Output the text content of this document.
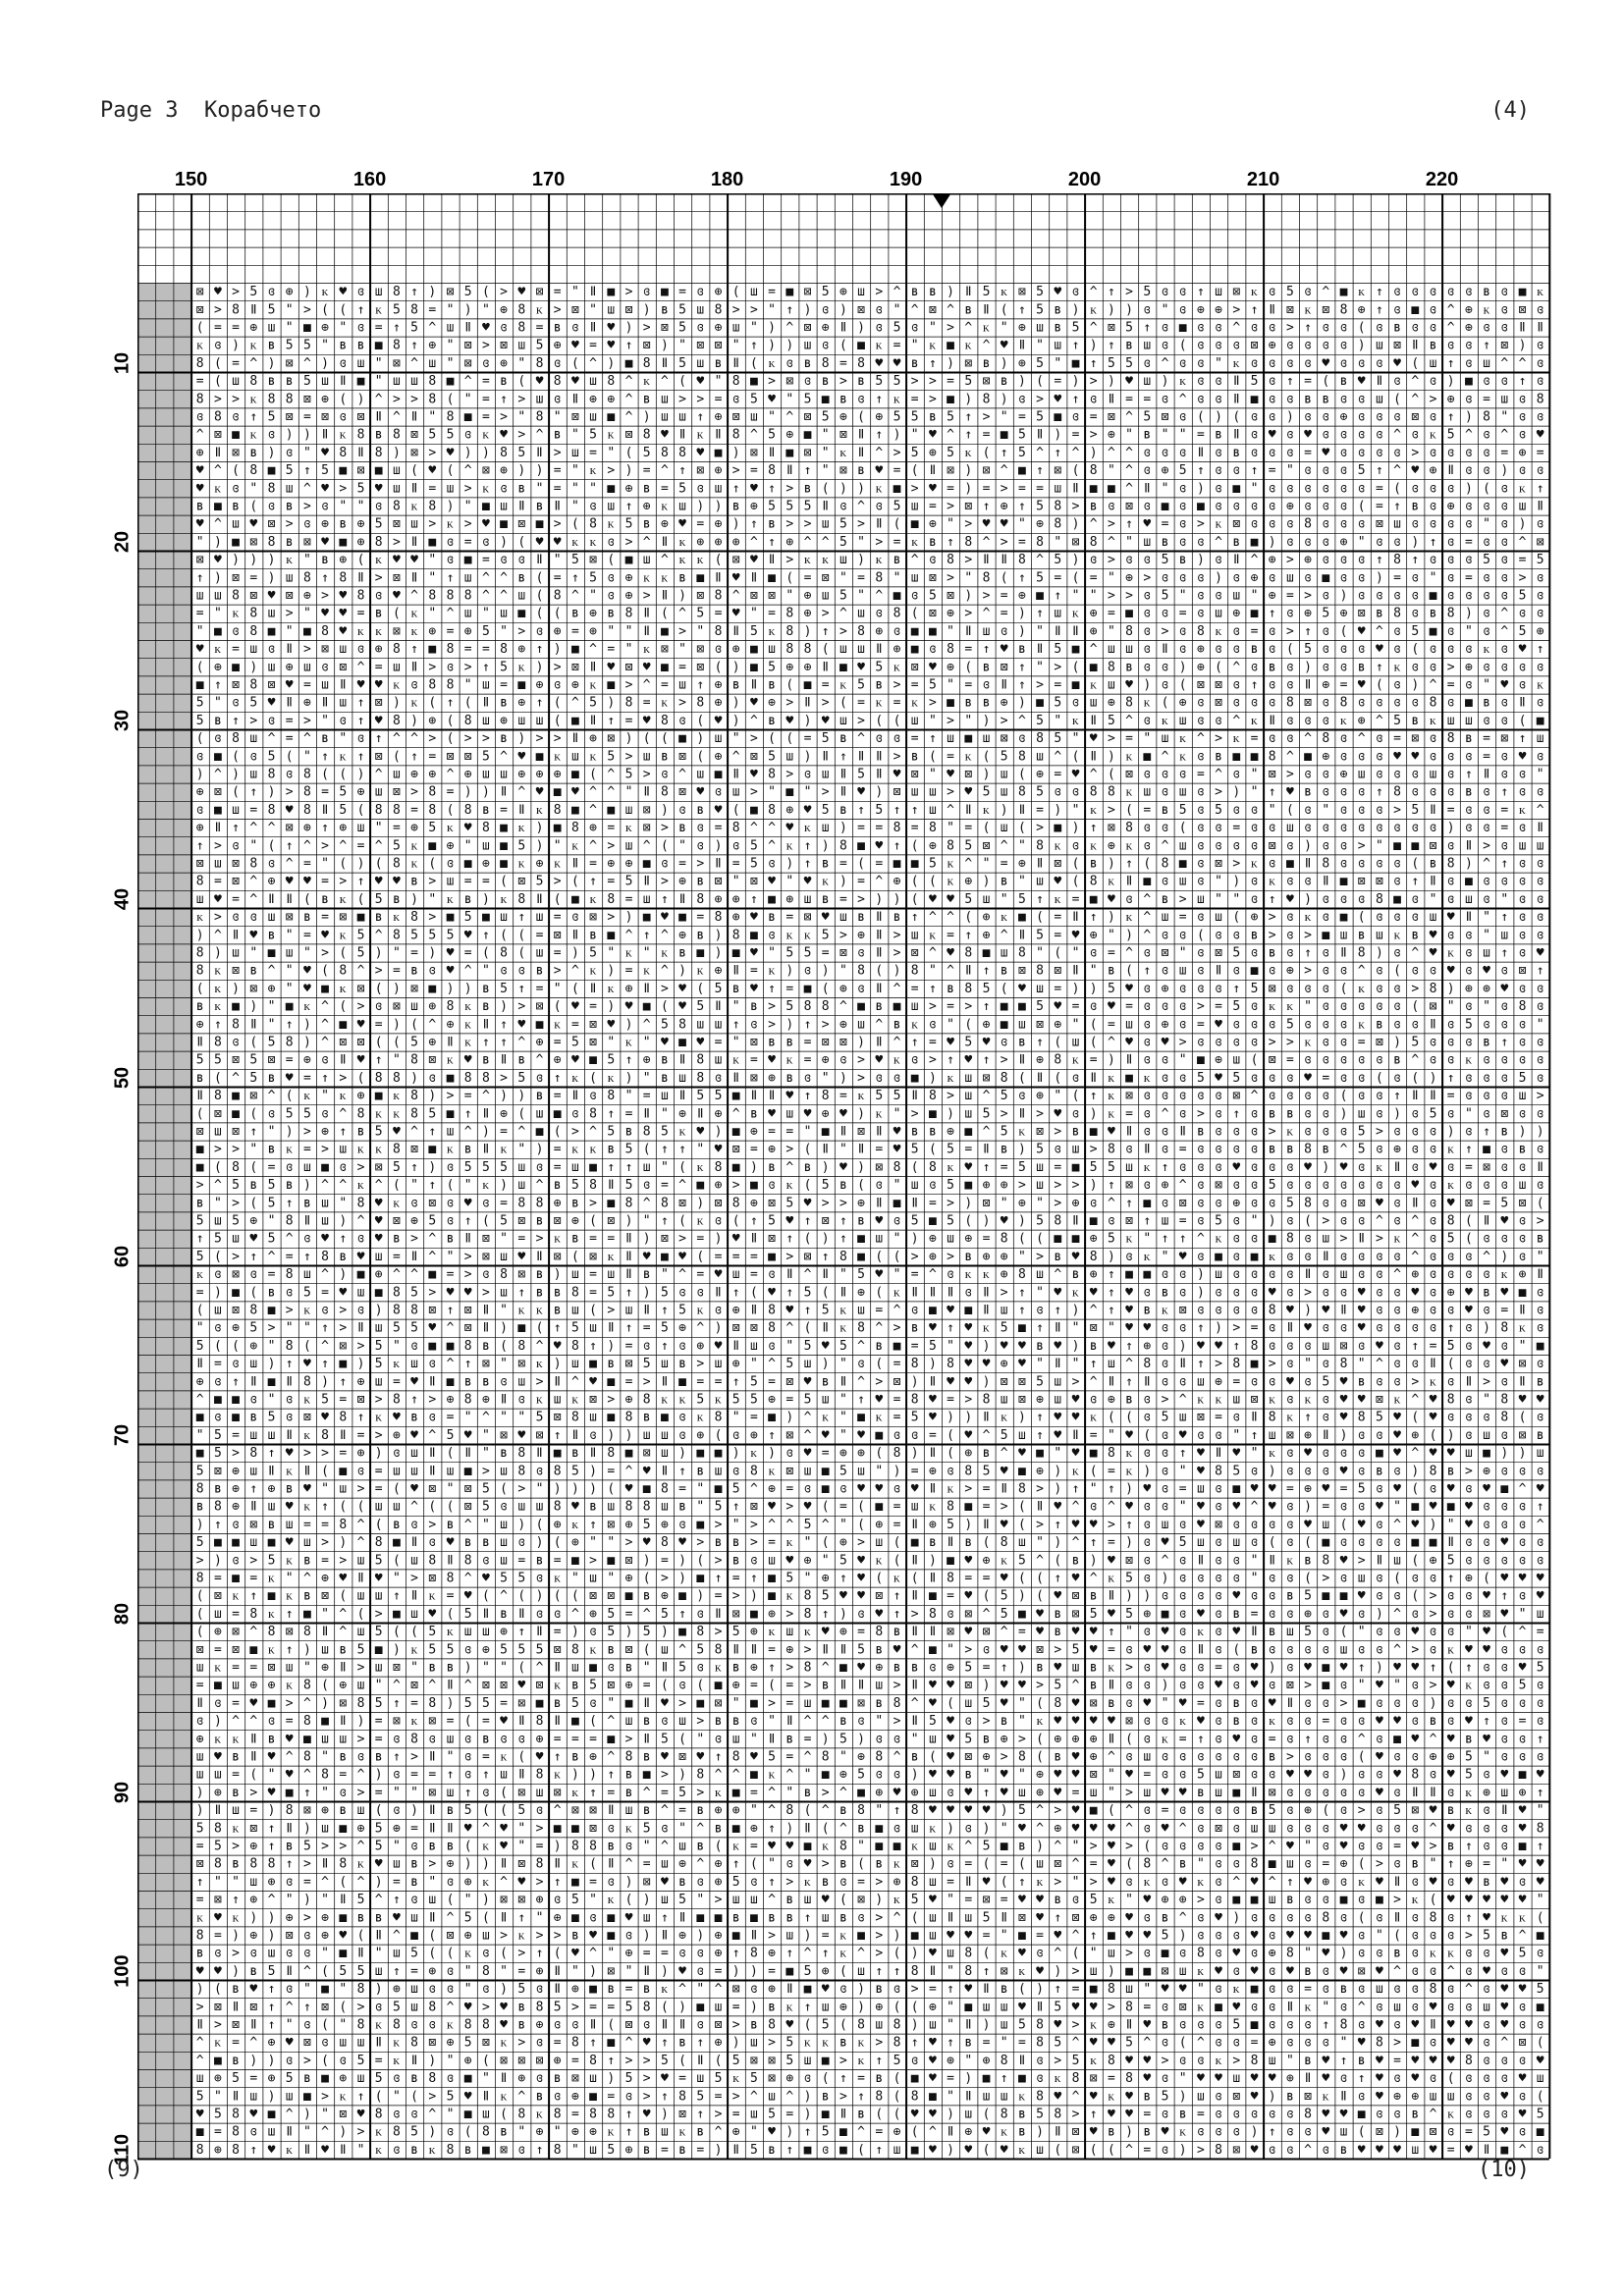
Page 3 Корабчето	(4)
150	160	170	180	190	200	210	220
10
20
30
40
50
60
70
80
90
100
110
⊠ ♥ > 5 ɞ ⊕ ) ᴋ ♥ ɞ ш 8 ↑ ) ⊠ 5 ( > ♥ ⊠ = " Ⅱ ■ > ɞ ■ = ɞ ⊕ ( ш = ■ ⊠ 5 ⊕ ш > ^ ʙ ʙ ) Ⅱ 5 ᴋ ⊠ 5 ♥ ɞ ^ ↑ > 5 ɞ ɞ ↑ ш ⊠ ᴋ ɞ 5 ɞ ^ ■ ᴋ ↑ ɞ ɞ ɞ ɞ ɞ ʙ ɞ ■ ᴋ
⊠ > 8 Ⅱ 5 " > ( ( ↑ ᴋ 5 8 = " ) " ⊕ 8 ᴋ > ⊠ " ш ⊠ ) ʙ 5 ш 8 > > " ↑ ) ɞ ) ⊠ ɞ " ^ ⊠ ^ ʙ Ⅱ ( ↑ 5 ʙ ) ᴋ ) ) ɞ " ɞ ⊕ ⊕ > ↑ Ⅱ ⊠ ᴋ ⊠ 8 ⊕ ↑ ɞ ■ ɞ ^ ⊕ ᴋ ɞ ⊠ ɞ
( = = ⊕ ш " ■ ⊕ " ɞ = ↑ 5 ^ ш Ⅱ ♥ ɞ 8 = ʙ ɞ Ⅱ ♥ ) > ⊠ 5 ɞ ⊕ ш " ) ^ ⊠ ⊕ Ⅱ ) ɞ 5 ɞ " > ^ ᴋ " ⊕ ш ʙ 5 ^ ⊠ 5 ↑ ɞ ■ ɞ ɞ ^ ɞ ɞ > ↑ ɞ ɞ ( ɞ ʙ ɞ ɞ ^ ⊕ ɞ ɞ Ⅱ Ⅱ
ᴋ ɞ ) ᴋ ʙ 5 5 " ʙ ʙ ■ 8 ↑ ⊕ " ⊠ > ⊠ ш 5 ⊕ ♥ = ♥ ↑ ⊠ ) " ⊠ ⊠ " ↑ ) ) ш ɞ ( ■ ᴋ = " ᴋ ■ ᴋ ^ ♥ Ⅱ " ш ↑ ) ↑ ʙ ш ɞ ( ɞ ɞ ɞ ⊠ ⊕ ɞ ɞ ɞ ɞ ) ш ⊠ Ⅱ ʙ ɞ ɞ ↑ ⊠ ) ɞ
8 ( = ^ ) ⊠ ^ ) ɞ ш " ⊠ ^ ш " ⊠ ɞ ⊕ " 8 ɞ ( ^ ) ■ 8 Ⅱ 5 ш ʙ Ⅱ ( ᴋ ɞ ʙ 8 = 8 ♥ ♥ ʙ ↑ ) ⊠ ʙ ) ⊕ 5 " ■ ↑ 5 5 ɞ ^ ɞ ɞ " ᴋ ɞ ɞ ɞ ɞ ♥ ɞ ɞ ɞ ♥ ( ш ↑ ɞ ш ^ ^ ɞ
= ( ш 8 ʙ ʙ 5 ш Ⅱ ■ " ш ш 8 ■ ^ = ʙ ( ♥ 8 ♥ ш 8 ^ ᴋ ^ ( ♥ " 8 ■ > ⊠ ɞ ʙ > ʙ 5 5 > > = 5 ⊠ ʙ ) ( = ) > ) ♥ ш ) ᴋ ɞ ɞ Ⅱ 5 ɞ ↑ = ( ʙ ♥ Ⅱ ɞ ^ ɞ ) ■ ɞ ɞ ↑ ɞ
8 > > ᴋ 8 8 ⊠ ⊕ ( ) ^ > > 8 ( " = ↑ > ш ɞ Ⅱ ⊕ ⊕ ^ ʙ ш > > = ɞ 5 ♥ " 5 ■ ʙ ɞ ↑ ᴋ = > ■ ) 8 ) ɞ > ♥ ↑ ɞ Ⅱ = = ɞ ^ ɞ ɞ Ⅱ ■ ɞ ɞ ʙ ʙ ɞ ɞ ш ( ^ > ⊕ ɞ = ш ɞ 8
ɞ 8 ɞ ↑ 5 ⊠ = ⊠ ɞ ⊠ Ⅱ ^ Ⅱ " 8 ■ = > " 8 " ⊠ ш ■ ^ ) ш ш ↑ ⊕ ⊠ ш " ^ ⊠ 5 ⊕ ( ⊕ 5 5 ʙ 5 ↑ > " = 5 ■ ɞ = ⊠ ^ 5 ⊠ ɞ ( ) ( ɞ ɞ ) ɞ ɞ ⊕ ɞ ɞ ɞ ⊠ ɞ ↑ ) 8 " ɞ ɞ
^ ⊠ ■ ᴋ ɞ ) ) Ⅱ ᴋ 8 ʙ 8 ⊠ 5 5 ɞ ᴋ ♥ > ^ ʙ " 5 ᴋ ⊠ 8 ♥ Ⅱ ᴋ Ⅱ 8 ^ 5 ⊕ ■ " ⊠ Ⅱ ↑ ) " ♥ ^ ↑ = ■ 5 Ⅱ ) = > ⊕ " ʙ " " = ʙ Ⅱ ɞ ♥ ɞ ♥ ɞ ɞ ɞ ɞ ^ ɞ ᴋ 5 ^ ɞ ^ ɞ ♥
⊕ Ⅱ ⊠ ʙ ) ɞ " ♥ 8 Ⅱ 8 ) ⊠ > ♥ ) ) 8 5 Ⅱ > ш = " ( 5 8 8 ♥ ■ ) ⊠ Ⅱ ■ ⊠ " ᴋ Ⅱ ^ > 5 ⊕ 5 ᴋ ( ↑ 5 ^ ↑ ^ ) ^ ^ ɞ ɞ ɞ Ⅱ ɞ ʙ ɞ ɞ ɞ = ♥ ɞ ɞ ɞ ɞ > ɞ ɞ ɞ ɞ = ⊕ =
♥ ^ ( 8 ■ 5 ↑ 5 ■ ⊠ ■ ш ( ♥ ( ^ ⊠ ⊕ ) ) = " ᴋ > ) = ^ ↑ ⊠ ⊕ > = 8 Ⅱ ↑ " ⊠ ʙ ♥ = ( Ⅱ ⊠ ) ⊠ ^ ■ ↑ ⊠ ( 8 " ^ ɞ ⊕ 5 ↑ ɞ ɞ ↑ = " ɞ ɞ ɞ 5 ↑ ^ ♥ ⊕ Ⅱ ɞ ɞ ) ɞ ɞ
♥ ᴋ ɞ " 8 ш ^ ♥ > 5 ♥ ш Ⅱ = ш > ᴋ ɞ ʙ " = " " ■ ⊕ ʙ = 5 ɞ ш ↑ ♥ ↑ > ʙ ( ) ) ᴋ ■ > ♥ = ) = > = = ш Ⅱ ■ ■ ^ Ⅱ " ɞ ) ɞ ■ " ɞ ɞ ɞ ɞ ɞ ɞ = ( ɞ ɞ ɞ ) ( ɞ ᴋ ↑
ʙ ■ ʙ ( ɞ ʙ > ɞ " " ɞ 8 ᴋ 8 ) " ■ ш Ⅱ ʙ Ⅱ " ɞ ш ↑ ⊕ ᴋ ш ) ) ʙ ⊕ 5 5 5 Ⅱ ɞ ^ ɞ 5 ш = > ⊠ ↑ ⊕ ↑ 5 8 > ʙ ɞ ⊠ ɞ ■ ɞ ■ ɞ ɞ ɞ ɞ ⊕ ɞ ɞ ɞ ( = ↑ ʙ ɞ ⊕ ɞ ɞ ɞ ш Ⅱ
♥ ^ ш ♥ ⊠ > ɞ ⊕ ʙ ⊕ 5 ⊠ ш > ᴋ > ♥ ■ ⊠ ■ > ( 8 ᴋ 5 ʙ ⊕ ♥ = ⊕ ) ↑ ʙ > > ш 5 > Ⅱ ( ■ ⊕ " > ♥ ♥ " ⊕ 8 ) ^ > ↑ ♥ = ɞ > ᴋ ⊠ ɞ ɞ ɞ 8 ɞ ɞ ɞ ⊠ ш ɞ ɞ ɞ ɞ " ɞ ) ɞ
" ) ■ ⊠ 8 ʙ ⊠ ♥ ■ ⊕ 8 > Ⅱ ■ ɞ = ɞ ) ( ♥ ♥ ᴋ ᴋ ɞ > ^ Ⅱ ᴋ ⊕ ⊕ ⊕ ^ ↑ ⊕ ^ ^ 5 " > = ᴋ ʙ ↑ 8 ^ > = 8 " ⊠ 8 ^ " ш ʙ ɞ ɞ ^ ʙ ■ ) ɞ ɞ ɞ ⊕ " ɞ ɞ ) ↑ ɞ = ɞ ɞ ^ ⊠
⊠ ♥ ) ) ) ᴋ " ʙ ⊕ ( ᴋ ♥ ♥ " ɞ ■ = ɞ ɞ Ⅱ " 5 ⊠ ( ■ ш ^ ᴋ ᴋ ( ⊠ ♥ Ⅱ > ᴋ ᴋ ш ) ᴋ ʙ ^ ɞ 8 > Ⅱ Ⅱ 8 ^ 5 ) ɞ > ɞ ɞ 5 ʙ ) ɞ Ⅱ ^ ⊕ > ⊕ ɞ ɞ ɞ ↑ 8 ↑ ɞ ɞ ɞ 5 ɞ = 5
↑ ) ⊠ = ) ш 8 ↑ 8 Ⅱ > ⊠ Ⅱ " ↑ ш ^ ^ ʙ ( = ↑ 5 ɞ ⊕ ᴋ ᴋ ʙ ■ Ⅱ ♥ Ⅱ ■ ( = ⊠ " = 8 " ш ⊠ > " 8 ( ↑ 5 = ( = " ⊕ > ɞ ɞ ɞ ) ɞ ⊕ ɞ ш ɞ ■ ɞ ɞ ) = ɞ " ɞ = ɞ ɞ > ɞ
ш ш 8 ⊠ ♥ ⊠ ⊕ > ♥ 8 ɞ ♥ ^ 8 8 8 ^ ^ ш ( 8 ^ " ɞ ⊕ > Ⅱ ) ⊠ 8 ^ ⊠ ⊠ " ⊕ ш 5 " ^ ■ ɞ 5 ⊠ ) > = ⊕ ■ ↑ " " > > ɞ 5 " ɞ ɞ ш " ⊕ = > ɞ ) ɞ ɞ ɞ ɞ ■ ɞ ɞ ɞ ɞ 5 ɞ
= " ᴋ 8 ш > " ♥ ♥ = ʙ ( ᴋ " ^ ш " ш ■ ( ( ʙ ⊕ ʙ 8 Ⅱ ( ^ 5 = ♥ " = 8 ⊕ > ^ ш ɞ 8 ( ⊠ ⊕ > ^ = ) ↑ ш ᴋ ⊕ = ■ ɞ ɞ = ɞ ш ⊕ ■ ↑ ɞ ⊕ 5 ⊕ ⊠ ʙ 8 ɞ ʙ 8 ) ɞ ^ ɞ ɞ
" ■ ɞ 8 ■ " ■ 8 ♥ ᴋ ᴋ ⊠ ᴋ ⊕ = ⊕ 5 " > ɞ ⊕ = ⊕ " " Ⅱ ■ > " 8 Ⅱ 5 ᴋ 8 ) ↑ > 8 ⊕ ɞ ■ ■ " Ⅱ ш ɞ ) " Ⅱ Ⅱ ⊕ " 8 ɞ > ɞ 8 ᴋ ɞ = ɞ > ↑ ɞ ( ♥ ^ ɞ 5 ■ ɞ " ɞ ^ 5 ⊕
♥ ᴋ = ш ɞ Ⅱ > ⊠ ш ɞ ⊕ 8 ↑ ■ 8 = = 8 ⊕ ↑ ) ■ ^ = " ᴋ ⊠ " ⊠ ɞ ⊕ ■ ш 8 8 ( ш ш Ⅱ ⊕ ■ ɞ 8 = ↑ ♥ ʙ Ⅱ 5 ■ ^ ш ш ɞ Ⅱ ɞ ⊕ ɞ ɞ ʙ ɞ ( 5 ɞ ɞ ɞ ♥ ɞ ( ɞ ɞ ɞ ᴋ ɞ ♥ ↑
( ⊕ ■ ) ш ⊕ ш ɞ ⊠ ^ = ш Ⅱ > ɞ > ↑ 5 ᴋ ) > ⊠ Ⅱ ♥ ⊠ ♥ ■ = ⊠ ( ) ■ 5 ⊕ ⊕ Ⅱ ■ ♥ 5 ᴋ ⊠ ♥ ⊕ ( ʙ ⊠ ↑ " > ( ■ 8 ʙ ɞ ɞ ) ⊕ ( ^ ɞ ʙ ɞ ) ɞ ɞ ʙ ↑ ᴋ ɞ ɞ > ⊕ ɞ ɞ ɞ ɞ
■ ↑ ⊠ 8 ⊠ ♥ = ш Ⅱ ♥ ♥ ᴋ ɞ 8 8 " ш = ■ ⊕ ɞ ⊕ ᴋ ■ > ^ = ш ↑ ⊕ ʙ Ⅱ ʙ ( ■ = ᴋ 5 ʙ > = 5 " = ɞ Ⅱ ↑ > = ■ ᴋ ш ♥ ) ɞ ( ⊠ ⊠ ɞ ↑ ɞ ɞ Ⅱ ⊕ = ♥ ( ɞ ) ^ = ɞ " ♥ ɞ ᴋ
5 " ɞ 5 ♥ Ⅱ ⊕ Ⅱ ш ↑ ⊠ ) ᴋ ( ↑ ( Ⅱ ʙ ⊕ ↑ ( ^ 5 ) 8 = ᴋ > 8 ⊕ ) ♥ ⊕ > Ⅱ > ( = ᴋ = ᴋ > ■ ʙ ʙ ⊕ ) ■ 5 ɞ ш ⊕ 8 ᴋ ( ⊕ ɞ ⊠ ɞ ɞ ɞ 8 ⊠ ɞ 8 ɞ ɞ ɞ ɞ 8 ɞ ■ ʙ ɞ Ⅱ ɞ
5 ʙ ↑ > ɞ = > " ɞ ↑ ♥ 8 ) ⊕ ( 8 ш ⊕ ш ш ( ■ Ⅱ ↑ = ♥ 8 ɞ ( ♥ ) ^ ʙ ♥ ) ♥ ш > ( ( ш " > " ) > ^ 5 " ᴋ Ⅱ 5 ^ ɞ ᴋ ш ɞ ɞ ^ ᴋ Ⅱ ɞ ɞ ɞ ᴋ ⊕ ^ 5 ʙ ᴋ ш ш ɞ ɞ ( ■
( ɞ 8 ш ^ = ^ ʙ " ɞ ↑ ^ ^ > ( > > ʙ ) > > Ⅱ ⊕ ⊠ ) ( ( ■ ) ш " > ( ( = 5 ʙ ^ ɞ ɞ = ↑ ш ■ ш ⊠ ɞ 8 5 " ♥ > = " ш ᴋ ^ > ᴋ = ɞ ɞ ^ 8 ɞ ^ ɞ = ⊠ ɞ 8 ʙ = ⊠ ↑ ш
ɞ ■ ( ɞ 5 ( " ↑ ᴋ ↑ ⊠ ( ↑ = ⊠ ⊠ 5 ^ ♥ ■ ᴋ ш ᴋ 5 > ш ʙ ⊠ ( ⊕ ^ ⊠ 5 ш ) Ⅱ ↑ Ⅱ Ⅱ > ʙ ( = ᴋ ( 5 8 ш ^ ( Ⅱ ) ᴋ ■ ^ ᴋ ɞ ʙ ■ ■ 8 ^ ■ ⊕ ɞ ɞ ɞ ♥ ♥ ɞ ɞ ɞ = ɞ ♥ ɞ
) ^ ) ш 8 ɞ 8 ( ( ) ^ ш ⊕ ⊕ ^ ⊕ ш ш ⊕ ⊕ ⊕ ■ ( ^ 5 > ɞ ^ ш ■ Ⅱ ♥ 8 > ɞ ш Ⅱ 5 Ⅱ ♥ ⊠ " ♥ ⊠ ) ш ( ⊕ = ♥ ^ ( ⊠ ɞ ɞ ɞ = ^ ɞ " ⊠ > ɞ ɞ ⊕ ш ɞ ɞ ɞ ш ɞ ↑ Ⅱ ɞ ɞ "
⊕ ⊠ ( ↑ ) > 8 = 5 ⊕ ш ⊠ > 8 = ) ) Ⅱ ^ ♥ ■ ♥ ^ ^ " Ⅱ 8 ⊠ ♥ ɞ ш > " ■ " > Ⅱ ♥ ) ⊠ ш ш > ♥ 5 ш 8 5 ɞ ɞ 8 8 ᴋ ш ɞ ш ɞ > ) " ↑ ♥ ʙ ɞ ɞ ɞ ↑ 8 ɞ ɞ ɞ ʙ ɞ ↑ ɞ ɞ
ɞ ■ ш = 8 ♥ 8 Ⅱ 5 ( 8 8 = 8 ( 8 ʙ = Ⅱ ᴋ 8 ■ ^ ■ ш ⊠ ) ɞ ʙ ♥ ( ■ 8 ⊕ ♥ 5 ʙ ↑ 5 ↑ ↑ ш ^ Ⅱ ᴋ ) Ⅱ = ) " ᴋ > ( = ʙ 5 ɞ 5 ɞ ɞ " ( ɞ " ɞ ɞ ɞ > 5 Ⅱ = ɞ ɞ = ᴋ ^
⊕ Ⅱ ↑ ^ ^ ⊠ ⊕ ↑ ⊕ ш " = ⊕ 5 ᴋ ♥ 8 ■ ᴋ ) ■ 8 ⊕ = ᴋ ⊠ > ʙ ɞ = 8 ^ ^ ♥ ᴋ ш ) = = 8 = 8 " = ( ш ( > ■ ) ↑ ⊠ 8 ɞ ɞ ( ɞ ɞ = ɞ ɞ ш ɞ ɞ ɞ ɞ ɞ ɞ ɞ ɞ ) ɞ ɞ = ɞ Ⅱ
↑ > ɞ " ( ↑ ^ > ^ = ^ 5 ᴋ ■ ⊕ " ш ■ 5 ) " ᴋ ^ > ш ^ ( " ɞ ) ɞ 5 ^ ᴋ ↑ ) 8 ■ ♥ ↑ ( ⊕ 8 5 ⊠ ^ " 8 ᴋ ɞ ᴋ ⊕ ᴋ ɞ ^ ш ɞ ɞ ɞ ɞ ⊠ ɞ ) ɞ ɞ > " ■ ■ ⊠ ɞ Ⅱ > ɞ ш ш
⊠ ш ⊠ 8 ɞ ^ = " ( ) ( 8 ᴋ ( ɞ ■ ⊕ ■ ᴋ ⊕ ᴋ Ⅱ = ⊕ ⊕ ■ ɞ = > Ⅱ = 5 ɞ ) ↑ ʙ = ( = ■ ■ 5 ᴋ ^ " = ⊕ Ⅱ ⊠ ( ʙ ) ↑ ( 8 ■ ɞ ⊠ > ᴋ ɞ ■ Ⅱ 8 ɞ ɞ ɞ ɞ ( ʙ 8 ) ^ ↑ ɞ ɞ
8 = ⊠ ^ ⊕ ♥ ♥ = > ↑ ♥ ♥ ʙ > ш = = ( ⊠ 5 > ( ↑ = 5 Ⅱ > ⊕ ʙ ⊠ " ⊠ ♥ " ♥ ᴋ ) = ^ ⊕ ( ( ᴋ ⊕ ) ʙ " ш ♥ ( 8 ᴋ Ⅱ ■ ɞ ш ɞ " ) ɞ ᴋ ɞ ɞ Ⅱ ■ ⊠ ⊠ ɞ ↑ Ⅱ ɞ ■ ɞ ɞ ɞ ɞ
ш ♥ = ^ Ⅱ Ⅱ ( ʙ ᴋ ( 5 ʙ ) " ᴋ ʙ ) ᴋ 8 Ⅱ ( ■ ᴋ 8 = ш ↑ Ⅱ 8 ⊕ ⊕ ↑ ■ ⊕ ш ʙ = > ) ) ( ♥ ♥ 5 ш " 5 ↑ ᴋ = ■ ♥ ɞ ^ ʙ > ш " " ɞ ↑ ♥ ) ɞ ɞ ɞ 8 ■ ɞ " ɞ ш ɞ " ɞ ɞ
ᴋ > ɞ ɞ ш ⊠ ʙ = ⊠ ■ ʙ ᴋ 8 > ■ 5 ■ ш ↑ ш = ɞ ⊠ > ) ■ ♥ ■ = 8 ⊕ ♥ ʙ = ⊠ ♥ ш ʙ Ⅱ ʙ ↑ ^ ^ ( ⊕ ᴋ ■ ( = Ⅱ ↑ ) ᴋ ^ ш = ɞ ш ( ⊕ > ɞ ᴋ ɞ ■ ( ɞ ɞ ɞ ш ♥ Ⅱ " ↑ ɞ ɞ
) ^ Ⅱ ♥ ʙ " = ♥ ᴋ 5 ^ 8 5 5 5 ♥ ↑ ( ( = ⊠ Ⅱ ʙ ■ ^ ↑ ^ ⊕ ʙ ) 8 ■ ɞ ᴋ ᴋ 5 > ⊕ Ⅱ > ш ᴋ = ↑ ⊕ ^ Ⅱ 5 = ♥ ⊕ " ) ^ ɞ ɞ ( ɞ ɞ ʙ > ɞ > ■ ш ʙ ш ᴋ ʙ ♥ ɞ ɞ " ш ɞ ɞ
8 ) ш " ■ ш " > ( 5 ) " = ) ♥ = ( 8 ( ш = ) 5 " ᴋ " ᴋ ʙ ■ ) ■ ♥ " 5 5 = ⊠ ɞ Ⅱ > ⊠ ^ ♥ 8 ■ ш 8 " ( " ɞ = ^ ɞ ⊠ " ɞ ⊠ 5 ɞ ʙ ɞ ↑ ɞ Ⅱ 8 ) ɞ ^ ♥ ᴋ ɞ ш ↑ ɞ ♥
8 ᴋ ⊠ ʙ ^ " ♥ ( 8 ^ > = ʙ ɞ ♥ ^ " ɞ ɞ ʙ > ^ ᴋ ) = ᴋ ^ ) ᴋ ⊕ Ⅱ = ᴋ ) ɞ ) " 8 ( ) 8 " ^ Ⅱ ↑ ʙ ⊠ 8 ⊠ Ⅱ " ʙ ( ↑ ɞ ш ɞ Ⅱ ɞ ■ ɞ ⊕ > ɞ ɞ ^ ɞ ( ɞ ɞ ♥ ɞ ♥ ɞ ⊠ ↑
( ᴋ ) ⊠ ⊕ " ♥ ■ ᴋ ⊠ ( ) ⊠ ■ ) ) ʙ 5 ↑ = " ( Ⅱ ᴋ ⊕ Ⅱ > ♥ ( 5 ʙ ♥ ↑ = ■ ( ⊕ ɞ Ⅱ ^ = ↑ ʙ 8 5 ( ♥ ш = ) ) 5 ♥ ɞ ⊕ ɞ ɞ ɞ ↑ 5 ⊠ ɞ ɞ ɞ ( ᴋ ɞ ɞ > 8 ) ⊕ ⊕ ♥ ɞ ɞ
ʙ ᴋ ■ ) " ■ ᴋ ^ ( > ɞ ⊠ ш ⊕ 8 ᴋ ʙ ) > ⊠ ( ♥ = ) ♥ ■ ( ♥ 5 Ⅱ " ʙ > 5 8 8 ^ ■ ʙ ■ ш > = > ↑ ■ ■ 5 ♥ = ɞ ♥ = ɞ ɞ ɞ > = 5 ɞ ᴋ ᴋ " ɞ ɞ ɞ ɞ ɞ ( ⊠ " ɞ " ɞ 8 ɞ
⊕ ↑ 8 Ⅱ " ↑ ) ^ ■ ♥ = ) ( ^ ⊕ ᴋ Ⅱ ↑ ♥ ■ ᴋ = ⊠ ♥ ) ^ 5 8 ш ш ↑ ɞ > ) ↑ > ⊕ ш ^ ʙ ᴋ ɞ " ( ⊕ ■ ш ⊠ ⊕ " ( = ш ɞ ⊕ ɞ = ♥ ɞ ɞ ɞ 5 ɞ ɞ ɞ ᴋ ʙ ɞ ɞ Ⅱ ɞ 5 ɞ ɞ ɞ "
Ⅱ 8 ɞ ( 5 8 ) ^ ⊠ ⊠ ( ( 5 ⊕ Ⅱ ᴋ ↑ ↑ ^ ⊕ = 5 ⊠ " ᴋ " ♥ ■ ♥ = " ⊠ ʙ ʙ = ⊠ ⊠ ) Ⅱ ^ ↑ = ♥ 5 ♥ ɞ ʙ ↑ ( ш ( ^ ♥ ɞ ♥ > ɞ ɞ ɞ ɞ > > ᴋ ɞ ɞ = ⊠ ) 5 ɞ ɞ ɞ ʙ ↑ ɞ ɞ
5 5 ⊠ 5 ⊠ = ⊕ ɞ Ⅱ ♥ ↑ " 8 ⊠ ᴋ ♥ ʙ Ⅱ ʙ ^ ⊕ ♥ ■ 5 ↑ ⊕ ʙ Ⅱ 8 ш ᴋ = ♥ ᴋ = ⊕ ɞ > ♥ ᴋ ɞ > ↑ ♥ ↑ > Ⅱ ⊕ 8 ᴋ = ) Ⅱ ɞ ɞ " ■ ⊕ ш ( ⊠ = ɞ ɞ ɞ ɞ ɞ ʙ ^ ɞ ɞ ᴋ ɞ ɞ ɞ ɞ
ʙ ( ^ 5 ʙ ♥ = ↑ > ( 8 8 ) ɞ ■ 8 8 > 5 ɞ ↑ ᴋ ( ᴋ ) " ʙ ш 8 ɞ Ⅱ ⊠ ⊕ ʙ ɞ " ) > ɞ ɞ ■ ) ᴋ ш ⊠ 8 ( Ⅱ ( ɞ Ⅱ ᴋ ■ ᴋ ɞ ɞ 5 ♥ 5 ɞ ɞ ɞ ♥ = ɞ ɞ ( ɞ ( ) ↑ ɞ ɞ ɞ 5 ɞ
Ⅱ 8 ■ ⊠ ^ ( ᴋ " ᴋ ⊕ ■ ᴋ 8 ) > = ^ ) ) ʙ = Ⅱ ɞ 8 " = ш Ⅱ 5 5 ■ Ⅱ Ⅱ ♥ ↑ 8 = ᴋ 5 5 Ⅱ 8 > ш ^ 5 ɞ ⊕ " ( ↑ ᴋ ⊠ ɞ ɞ ɞ ɞ ɞ ⊠ ^ ɞ ɞ ɞ ɞ ( ɞ ɞ ↑ Ⅱ Ⅱ = ɞ ɞ ɞ ш >
( ⊠ ■ ( ɞ 5 5 ɞ ^ 8 ᴋ ᴋ 8 5 ■ ↑ Ⅱ ⊕ ( ш ■ ɞ 8 ↑ = Ⅱ " ⊕ Ⅱ ⊕ ^ ʙ ♥ ш ♥ ⊕ ♥ ) ᴋ " > ■ ) ш 5 > Ⅱ > ♥ ɞ ) ᴋ = ɞ ^ ɞ > ɞ ↑ ɞ ʙ ʙ ɞ ɞ ) ш ɞ ) ɞ 5 ɞ " ɞ ⊠ ɞ ɞ
⊠ ш ⊠ ↑ " ) > ⊕ ↑ ʙ 5 ♥ ^ ↑ ш ^ ) = ^ ■ ( > ^ 5 ʙ 8 5 ᴋ ♥ ) ■ ⊕ = = " ■ Ⅱ ⊠ Ⅱ ♥ ʙ ʙ ⊕ ■ ^ 5 ᴋ ⊠ > ʙ ■ ♥ Ⅱ ɞ ɞ Ⅱ ʙ ɞ ɞ ɞ > ᴋ ɞ ɞ ɞ 5 > ɞ ɞ ɞ ) ɞ ↑ ʙ ) )
■ > > " ʙ ᴋ = > ш ᴋ ᴋ 8 ⊠ ■ ᴋ ʙ Ⅱ ᴋ " ) = ᴋ ᴋ ʙ 5 ( ↑ ↑ " ♥ ⊠ = ⊕ > ( Ⅱ " Ⅱ = ♥ 5 ( 5 = Ⅱ ʙ ) 5 ɞ ш > 8 ɞ Ⅱ ɞ = ɞ ɞ ɞ ɞ ʙ ʙ 8 ʙ ^ 5 ɞ ⊕ ɞ ɞ ᴋ ↑ ■ ɞ ʙ ɞ
■ ( 8 ( = ɞ ш ■ ɞ > ⊠ 5 ↑ ) ɞ 5 5 5 ш ɞ = ш ■ ↑ ↑ ш " ( ᴋ 8 ■ ) ʙ ^ ʙ ) ♥ ) ⊠ 8 ( 8 ᴋ ♥ ↑ = 5 ш = ■ 5 5 ш ᴋ ↑ ɞ ɞ ɞ ♥ ɞ ɞ ɞ ♥ ) ♥ ɞ ᴋ Ⅱ ɞ ♥ ɞ = ⊠ ɞ ɞ Ⅱ
> ^ 5 ʙ 5 ʙ ) ^ ^ ᴋ ^ ( " ↑ ( " ᴋ ) ш ^ ʙ 5 8 Ⅱ 5 ɞ = ^ ■ ⊕ > ■ ɞ ᴋ ( 5 ʙ ( ɞ " ш ɞ 5 ■ ⊕ ⊕ > ш > > ) ↑ ⊠ ɞ ⊕ ^ ɞ ⊠ ɞ ɞ 5 ɞ ɞ ɞ ɞ ɞ ɞ ɞ ♥ ɞ ᴋ ɞ ɞ ɞ ш ɞ
ʙ " > ( 5 ↑ ʙ ш " 8 ♥ ᴋ ɞ ⊠ ɞ ♥ ɞ = 8 8 ⊕ ʙ > ■ 8 ^ 8 ⊠ ) ⊠ 8 ⊕ ⊠ 5 ♥ > > ⊕ Ⅱ ■ Ⅱ = > ) ⊠ " ⊕ " > ⊕ ɞ ^ ↑ ■ ɞ ⊠ ɞ ɞ ⊕ ɞ ɞ 5 8 ɞ ɞ ⊠ ♥ ɞ Ⅱ ɞ ♥ ⊠ = 5 ⊠ (
5 ш 5 ⊕ " 8 Ⅱ ш ) ^ ♥ ⊠ ⊕ 5 ɞ ↑ ( 5 ⊠ ʙ ⊠ ⊕ ( ⊠ ) " ↑ ( ᴋ ɞ ( ↑ 5 ♥ ↑ ⊠ ↑ ʙ ♥ ɞ 5 ■ 5 ( ) ♥ ) 5 8 Ⅱ ■ ɞ ⊠ ↑ ш = ɞ 5 ɞ " ) ɞ ( > ɞ ɞ ^ ɞ ^ ɞ 8 ( Ⅱ ♥ ɞ >
↑ 5 ш ♥ 5 ^ ɞ ♥ ↑ ɞ ♥ ʙ > ^ ʙ Ⅱ ⊠ " = > ᴋ ʙ = = Ⅱ ) ⊠ > = ) ♥ Ⅱ ⊠ ↑ ( ) ↑ ■ ш " ) ⊕ ш ⊕ = 8 ( ( ■ ■ ⊕ 5 ᴋ " ↑ ↑ ^ ᴋ ɞ ɞ ■ 8 ɞ ш > Ⅱ > ᴋ ^ ɞ 5 ( ɞ ɞ ɞ ʙ
5 ( > ↑ ^ = ↑ 8 ʙ ♥ ш = Ⅱ ^ " > ⊠ ш ♥ Ⅱ ⊠ ( ⊠ ᴋ Ⅱ ♥ ■ ♥ ( = = = ■ > ⊠ ↑ 8 ■ ( ( > ⊕ > ʙ ⊕ ⊕ " > ʙ ♥ 8 ) ɞ ᴋ " ♥ ɞ ■ ɞ ■ ᴋ ɞ ɞ Ⅱ ɞ ɞ ɞ ɞ ^ ɞ ɞ ɞ ^ ) ɞ "
ᴋ ɞ ⊠ ɞ = 8 ш ^ ) ■ ⊕ ^ ^ ■ = > ɞ 8 ⊠ ʙ ) ш = ш Ⅱ ʙ " ^ = ♥ ш = ɞ Ⅱ ^ Ⅱ " 5 ♥ " = ^ ɞ ᴋ ᴋ ⊕ 8 ш ^ ʙ ⊕ ↑ ■ ■ ɞ ɞ ) ш ɞ ɞ ɞ ɞ Ⅱ ɞ ш ɞ ɞ ^ ⊕ ɞ ɞ ɞ ɞ ᴋ ⊕ Ⅱ
= ) ■ ( ʙ ɞ 5 = ♥ ш ■ 8 5 > ♥ ♥ > ш ↑ ʙ ʙ 8 = 5 ↑ ) 5 ɞ ɞ Ⅱ ↑ ( ♥ ↑ 5 ( Ⅱ ⊕ ( ᴋ Ⅱ Ⅱ Ⅱ ɞ Ⅱ > ↑ " ♥ ᴋ ♥ ↑ ♥ ɞ ʙ ɞ ) ɞ ɞ ɞ ♥ ɞ > ɞ ɞ ♥ ɞ ɞ ♥ ɞ ⊕ ♥ ʙ ♥ ■ ɞ
( ш ⊠ 8 ■ > ᴋ ɞ > ɞ ) 8 8 ⊠ ↑ ⊠ Ⅱ " ᴋ ᴋ ʙ ш ( > ш Ⅱ ↑ 5 ᴋ ɞ ⊕ Ⅱ 8 ♥ ↑ 5 ᴋ ш = ^ ɞ ■ ♥ ■ Ⅱ ш ↑ ɞ ↑ ) ^ ↑ ♥ ʙ ᴋ ⊠ ɞ ɞ ɞ ɞ 8 ♥ ) ♥ Ⅱ ♥ ɞ ɞ ⊕ ɞ ɞ ♥ ɞ = Ⅱ ɞ
" ɞ ⊕ 5 > " " ↑ > Ⅱ ш 5 5 ♥ ^ ⊠ Ⅱ ) ■ ( ↑ 5 ш Ⅱ ↑ = 5 ⊕ ^ ) ⊠ ⊠ 8 ^ ( Ⅱ ᴋ 8 ^ > ʙ ♥ ↑ ♥ ᴋ 5 ■ ↑ Ⅱ " ⊠ " ♥ ♥ ɞ ɞ ↑ ) > = ɞ Ⅱ ♥ ɞ ɞ ♥ ɞ ɞ ɞ ɞ ↑ ɞ ) 8 ᴋ ɞ
5 ( ( ⊕ " 8 ( ^ ⊠ > 5 " ɞ ■ ■ 8 ʙ ( 8 ^ ♥ 8 ↑ ) = ɞ ↑ ɞ ⊕ ♥ Ⅱ ш ɞ " 5 ♥ 5 ^ ʙ ■ = 5 " ♥ ) ♥ ♥ ʙ ♥ ) ʙ ♥ ↑ ⊕ ɞ ) ♥ ♥ ↑ 8 ɞ ɞ ɞ ш ⊠ ɞ ♥ ɞ ↑ = 5 ɞ ♥ ɞ " ■
Ⅱ = ɞ ш ) ↑ ♥ ↑ ■ ) 5 ᴋ ш ɞ ^ ↑ ⊠ " ⊠ ᴋ ) ш ■ ʙ ⊠ 5 ш ʙ > ш ⊕ " ^ 5 ш ) " ɞ ( = 8 ) 8 ♥ ♥ ⊕ ♥ " Ⅱ " ↑ ш ^ 8 ɞ Ⅱ ↑ > 8 ■ > ɞ " ɞ 8 " ^ ɞ ɞ Ⅱ ( ɞ ɞ ♥ ⊠ ɞ
⊕ ɞ ↑ Ⅱ ■ Ⅱ 8 ) ↑ ⊕ ш = ♥ Ⅱ ■ ʙ ʙ ɞ ш > Ⅱ ^ ♥ ■ = > Ⅱ ■ = = ↑ 5 = ⊠ ♥ ʙ Ⅱ ^ > ⊠ ) Ⅱ ♥ ♥ ) ⊠ ⊠ 5 ш > ^ Ⅱ ↑ Ⅱ ɞ ɞ ш ⊕ = ɞ ɞ ♥ ɞ 5 ♥ ʙ ɞ ɞ > ᴋ ɞ Ⅱ > ɞ Ⅱ ʙ
^ ■ ■ ɞ " ɞ ᴋ 5 = ⊠ > 8 ↑ > ⊕ 8 ⊕ Ⅱ ɞ ᴋ ш ᴋ ⊠ > ⊕ 8 ᴋ ᴋ 5 ᴋ 5 5 ⊕ = 5 ш " ↑ ♥ = 8 ♥ = > 8 ш ⊠ ⊕ ш ♥ ɞ ⊕ ʙ ɞ > ^ ᴋ ᴋ ш ⊠ ᴋ ɞ ᴋ ɞ ♥ ♥ ⊠ ᴋ ^ ♥ 8 ɞ " 8 ♥ ♥
■ ɞ ■ ʙ 5 ɞ ⊠ ♥ 8 ↑ ᴋ ♥ ʙ ɞ = " ^ " " 5 ⊠ 8 ш ■ 8 ʙ ■ ɞ ᴋ 8 " = ■ ) ^ ᴋ " ■ ᴋ = 5 ♥ ) ) Ⅱ ᴋ ) ↑ ♥ ♥ ᴋ ( ( ɞ 5 ш ⊠ = ɞ Ⅱ 8 ᴋ ↑ ɞ ♥ 8 5 ♥ ( ♥ ɞ ɞ ɞ 8 ( ɞ
" 5 = ш ш Ⅱ ᴋ 8 Ⅱ = > ⊕ ♥ ^ 5 ♥ " ⊠ ♥ ⊠ ↑ Ⅱ ɞ ) ) ш ш ɞ ⊕ ( ɞ ⊕ ↑ ⊠ ^ ♥ " ♥ ■ ɞ ɞ = ( ♥ ^ 5 ш ↑ ♥ Ⅱ = " ♥ ( ɞ ♥ ɞ ɞ " ↑ ш ⊠ ⊕ Ⅱ ) ɞ ɞ ♥ ⊕ ( ) ɞ ш ɞ ⊠ ʙ
■ 5 > 8 ↑ ♥ > > = ⊕ ) ɞ ш Ⅱ ( Ⅱ " ʙ 8 Ⅱ ■ ʙ Ⅱ 8 ■ ⊠ ш ) ■ ■ ) ᴋ ) ɞ ♥ = ⊕ ⊕ ( 8 ) Ⅱ ( ⊕ ʙ ^ ♥ ■ " ♥ ■ 8 ᴋ ɞ ɞ ↑ ♥ Ⅱ ♥ " ᴋ ɞ ♥ ɞ ɞ ɞ ■ ♥ ^ ♥ ♥ ш ■ ) ) ш
5 ⊠ ⊕ ш Ⅱ ᴋ Ⅱ ( ■ ɞ = ш ш Ⅱ ш ■ > ш 8 ɞ 8 5 ) = ^ ♥ Ⅱ ↑ ʙ ш ɞ 8 ᴋ ⊠ ш ■ 5 ш " ) = ⊕ ɞ 8 5 ♥ ■ ⊕ ) ᴋ ( = ᴋ ) ɞ " ♥ 8 5 ɞ ) ɞ ɞ ɞ ♥ ɞ ʙ ɞ ) 8 ʙ > ⊕ ɞ ɞ ɞ
8 ʙ ⊕ ↑ ⊕ ʙ ♥ " ш > = ( ♥ ⊠ " ⊠ 5 ( > " ) ) ) ( ♥ ■ 8 = " ■ 5 ^ ⊕ = ɞ ■ ɞ ♥ ♥ ɞ ♥ Ⅱ ᴋ > = Ⅱ 8 > ) ↑ " ↑ ) ♥ ɞ = ш ɞ ■ ♥ ♥ = ⊕ ♥ = 5 ɞ ♥ ( ɞ ♥ ɞ ♥ ■ ^ ♥
ʙ 8 ⊕ Ⅱ ш ♥ ᴋ ↑ ( ( ш ш ^ ( ( ⊠ 5 ɞ ш ш 8 ♥ ʙ ш 8 8 ш ʙ " 5 ↑ ⊠ ♥ > ♥ ( = ( ■ = ш ᴋ 8 ■ = > ( Ⅱ ♥ ^ ɞ ^ ♥ ɞ ɞ " ♥ ɞ ♥ ^ ♥ ɞ ) = ɞ ɞ ♥ " ■ ♥ ■ ♥ ɞ ɞ ɞ ↑
) ↑ ɞ ⊠ ʙ ш = = 8 ^ ( ʙ ɞ > ʙ ^ " ш ) ( ⊕ ᴋ ↑ ⊠ ⊕ 5 ⊕ ɞ ■ > " > ^ ^ 5 ^ " ( ⊕ = Ⅱ ⊕ 5 ) Ⅱ ♥ ( > ↑ ♥ ♥ > ↑ ɞ ш ɞ ♥ ⊠ ɞ ɞ ɞ ɞ ♥ ш ( ♥ ɞ ^ ♥ ) " ♥ ɞ ɞ ɞ ^
5 ■ ■ ш ■ ♥ ш > ) ^ 8 ■ Ⅱ ɞ ♥ ʙ ʙ ш ɞ ) ( ⊕ " " > ♥ 8 ♥ > ʙ ʙ > = ᴋ " ( ⊕ > ш ( ■ ʙ Ⅱ ʙ ( 8 ш " ) ^ ↑ = ) ɞ ♥ 5 ш ɞ ш ɞ ( ɞ ( ■ ɞ ɞ ɞ ɞ ■ ■ Ⅱ ɞ ɞ ♥ ɞ ɞ
> ) ɞ > 5 ᴋ ʙ = > ш 5 ( ш 8 Ⅱ 8 ɞ ш = ʙ = ■ > ■ ⊠ ) = ) ( > ʙ ɞ ш ♥ ⊕ " 5 ♥ ᴋ ( Ⅱ ) ■ ♥ ⊕ ᴋ 5 ^ ( ʙ ) ♥ ⊠ ɞ ^ ɞ Ⅱ ɞ ɞ " Ⅱ ᴋ ʙ 8 ♥ > Ⅱ ш ( ⊕ 5 ɞ ɞ ɞ ɞ ɞ
8 = ■ = ᴋ " ^ ⊕ ♥ Ⅱ ♥ " > ⊠ 8 ^ ♥ 5 5 ɞ ᴋ " ш " ⊕ ( > ) ■ ↑ = ↑ ■ 5 " ⊕ ↑ ♥ ( ᴋ ( Ⅱ 8 = = ♥ ( ( ↑ ♥ ^ ᴋ 5 ɞ ) ɞ ɞ ɞ ɞ " ɞ ɞ ( > ɞ ш ɞ ( ɞ ɞ ↑ ⊕ ( ♥ ♥ ♥
( ⊠ ᴋ ↑ ■ ᴋ ʙ ⊠ ( ш ш ↑ Ⅱ ᴋ = ♥ ( ^ ( ) ( ( ⊠ ⊠ ■ ʙ ⊕ ■ ) = > ) ■ ᴋ 8 5 ♥ ♥ ⊠ ↑ Ⅱ ■ = ♥ ( 5 ) ( ♥ ⊠ ʙ Ⅱ ) ) ɞ ɞ ɞ ɞ ♥ ɞ ɞ ʙ 5 ■ ■ ♥ ɞ ɞ ( > ɞ ɞ ♥ ↑ ɞ ♥
( ш = 8 ᴋ ↑ ■ " ^ ( > ■ ш ♥ ( 5 Ⅱ ʙ Ⅱ ɞ ɞ ^ ⊕ 5 = ^ 5 ↑ ɞ Ⅱ ⊠ ■ ⊕ > 8 ↑ ) ɞ ♥ ↑ > 8 ɞ ⊠ ^ 5 ■ ♥ ʙ ⊠ 5 ♥ 5 ⊕ ■ ɞ ♥ ɞ ʙ = ɞ ɞ ⊕ ɞ ♥ ɞ ) ^ ɞ > ɞ ɞ ⊠ ♥ " ш
( ⊕ ⊠ ^ 8 ⊠ 8 Ⅱ ^ ш 5 ( ( 5 ᴋ ш ш ⊕ ↑ Ⅱ = ) ɞ 5 ) 5 ) ■ 8 > 5 ⊕ ᴋ ш ᴋ ♥ ⊕ = 8 ʙ Ⅱ Ⅱ ⊠ ♥ ⊠ ^ = ♥ ʙ ♥ ♥ ↑ " ɞ ♥ ɞ ᴋ ɞ ♥ Ⅱ ʙ ш 5 ɞ ( " ɞ ɞ ♥ ɞ ɞ " ♥ ( ^ =
⊠ = ⊠ ■ ᴋ ↑ ) ш ʙ 5 ■ ) ᴋ 5 5 ɞ ⊕ 5 5 5 ⊠ 8 ᴋ ʙ ⊠ ( ш ^ 5 8 Ⅱ Ⅱ = ⊕ > Ⅱ Ⅱ 5 ʙ ♥ ^ ■ " > ɞ ♥ ♥ ⊠ > 5 ♥ = ɞ ♥ ♥ ɞ Ⅱ ɞ ( ʙ ɞ ɞ ɞ ɞ ш ɞ ɞ ^ > ɞ ᴋ ♥ ♥ ɞ ɞ ɞ
ш ᴋ = = ⊠ ш " ⊕ Ⅱ > ш ⊠ " ʙ ʙ ) " " ( ^ Ⅱ ш ■ ɞ ʙ " Ⅱ 5 ɞ ᴋ ʙ ⊕ ↑ > 8 ^ ■ ♥ ⊕ ʙ ʙ ɞ ⊕ 5 = ↑ ) ʙ ♥ ш ʙ ᴋ > ɞ ♥ ɞ ɞ = ɞ ♥ ) ɞ ♥ ■ ♥ ↑ ) ♥ ♥ ↑ ( ↑ ɞ ɞ ♥ 5
= ■ ш ⊕ ⊕ ᴋ 8 ( ⊕ ш " ^ ⊠ ^ Ⅱ ^ ⊠ ⊠ ♥ ⊠ ᴋ ʙ 5 ⊠ ⊕ = ( ɞ ( ■ ⊕ = ( = > ʙ Ⅱ Ⅱ ш > Ⅱ ♥ ♥ ⊠ ) ♥ ♥ > 5 ^ ʙ Ⅱ ɞ ɞ ) ɞ ɞ ♥ ɞ ♥ ɞ ⊠ > ■ ɞ " ♥ " ɞ > ♥ ᴋ ɞ ɞ 5 ɞ
Ⅱ ɞ = ♥ ■ > ^ ) ⊠ 8 5 ↑ = 8 ) 5 5 = ⊠ ■ ʙ 5 ɞ " ■ Ⅱ ♥ > ■ ⊠ " ■ > = ш ■ ■ ⊠ ʙ 8 ^ ♥ ( ш 5 ♥ " ( 8 ♥ ⊠ ʙ ɞ ♥ " ♥ = ɞ ʙ ɞ ♥ Ⅱ ɞ ɞ > ■ ɞ ɞ ɞ ) ɞ ɞ 5 ɞ ɞ ɞ
ɞ ) ^ ^ ɞ = 8 ■ Ⅱ ) = ⊠ ᴋ ⊠ = ( = ♥ Ⅱ 8 Ⅱ ■ ( ^ ш ʙ ɞ ш > ʙ ʙ ɞ " Ⅱ ^ ^ ʙ ɞ " > Ⅱ 5 ♥ ɞ > ʙ " ᴋ ♥ ♥ ♥ ♥ ⊠ ɞ ɞ ᴋ ♥ ɞ ʙ ɞ ᴋ ɞ ɞ = ɞ ɞ ♥ ♥ ɞ ʙ ɞ ♥ ↑ ɞ = ɞ
⊕ ᴋ ᴋ Ⅱ ʙ ♥ ■ ш ш > = ɞ 8 ɞ ш ɞ ʙ ɞ ɞ ⊕ = = = ■ > Ⅱ 5 ( " ɞ ш " Ⅱ ʙ = ) 5 ) ɞ ɞ " ш ♥ 5 ʙ ⊕ > ( ⊕ ⊕ ⊕ Ⅱ ( ɞ ᴋ = ↑ ɞ ♥ ɞ = ɞ ↑ ɞ ɞ ^ ɞ ■ ♥ ^ ♥ ʙ ♥ ɞ ɞ ↑
ш ♥ ʙ Ⅱ ♥ ^ 8 " ʙ ɞ ʙ ↑ > Ⅱ " ɞ = ᴋ ( ♥ ↑ ʙ ⊕ ^ 8 ʙ ♥ ⊠ ♥ ↑ 8 ♥ 5 = ^ 8 " ⊕ 8 ^ ʙ ( ♥ ⊠ ⊕ > 8 ( ʙ ♥ ⊕ ^ ɞ ш ɞ ɞ ɞ ɞ ɞ ɞ ʙ > ɞ ɞ ɞ ( ♥ ɞ ɞ ⊕ ⊕ 5 " ɞ ɞ ɞ
ш ш = ( " ♥ ^ 8 = ^ ) ɞ = = ↑ ɞ ↑ ш Ⅱ 8 ᴋ ) ) ↑ ʙ ■ > ) 8 ^ ^ ■ ᴋ ^ " ■ ⊕ 5 ɞ ɞ ) ♥ ♥ ʙ " ♥ " ⊕ ♥ ♥ ⊠ " ♥ = ɞ ɞ 5 ш ⊠ ɞ ɞ ♥ ♥ ɞ ) ɞ ɞ ♥ 8 ɞ ♥ 5 ɞ ♥ ■ ♥
) ⊕ ʙ > ♥ ■ ↑ " ɞ > = " " ⊠ ш ↑ ɞ ( ⊠ ш ⊠ ᴋ ↑ = ʙ ^ = 5 > ᴋ ■ = ^ " ʙ > ^ ■ ⊕ ♥ ⊕ ш ɞ ♥ ↑ ♥ ш ⊕ ♥ = ш " > ш ♥ ♥ ʙ ш ■ Ⅱ ⊠ ɞ ɞ ɞ ɞ ɞ ♥ ɞ Ⅱ Ⅱ ɞ ᴋ ⊕ ш ⊕ ↑
) Ⅱ ш = ) 8 ⊠ ⊕ ʙ ш ( ɞ ) Ⅱ ʙ 5 ( ( 5 ɞ ^ ⊠ ⊠ Ⅱ ш ʙ ^ = ʙ ⊕ ⊕ " ^ 8 ( ^ ʙ 8 " ↑ 8 ♥ ♥ ♥ ♥ ) 5 ^ > ♥ ■ ( ^ ɞ = ɞ ɞ ɞ ɞ ʙ 5 ɞ ⊕ ( ɞ > ɞ 5 ⊠ ♥ ʙ ᴋ ɞ Ⅱ ♥ "
5 8 ᴋ ⊠ ↑ Ⅱ ) ш ■ ⊕ 5 ⊕ = Ⅱ Ⅱ ♥ ^ ♥ " > ■ ■ ⊠ ɞ ᴋ 5 ɞ " ^ ʙ ■ ⊕ ↑ ) Ⅱ ( ^ ʙ ■ ɞ ш ᴋ ) ɞ ) " ♥ ^ ⊕ ♥ ♥ ♥ ^ ɞ ♥ ^ ɞ ⊠ ɞ ш ш ɞ ɞ ɞ ♥ ♥ ɞ ɞ ɞ ^ ♥ ɞ ɞ ɞ ♥ 8
= 5 > ⊕ ↑ ʙ 5 > > ^ 5 " ɞ ʙ ʙ ( ᴋ ♥ " = ) 8 8 ʙ ɞ " ^ ш ʙ ( ᴋ = ♥ ♥ ■ ᴋ 8 " ■ ■ ᴋ ш ᴋ ^ 5 ■ ʙ ) ^ " > ♥ > ( ɞ ɞ ɞ ɞ ■ > ^ ♥ " ɞ ♥ ɞ ɞ = ♥ > ʙ ↑ ɞ ɞ ■ ↑
⊠ 8 ʙ 8 8 ↑ > Ⅱ 8 ᴋ ♥ ш ʙ > ⊕ ) ) Ⅱ ⊠ 8 Ⅱ ᴋ ( Ⅱ ^ = ш ⊕ ^ ⊕ ↑ ( " ɞ ♥ > ʙ ( ʙ ᴋ ⊠ ) ɞ = ( = ( ш ⊠ ^ = ♥ ( 8 ^ ʙ " ɞ ɞ 8 ■ ш ɞ = ⊕ ( > ɞ ʙ " ↑ ⊕ = " ♥ ♥
↑ " " ш ⊕ ɞ = ^ ( ^ ) = ʙ " ɞ ⊕ ᴋ ^ ♥ > ↑ ■ = ɞ ) ⊠ ♥ ʙ ɞ ⊕ 5 ɞ ↑ > ᴋ ʙ ɞ = > ⊕ 8 ш = Ⅱ ♥ ( ↑ ᴋ > " > ♥ ɞ ᴋ ɞ ♥ ᴋ ɞ ^ ♥ ^ ↑ ♥ ⊕ ɞ ᴋ ♥ Ⅱ ɞ ♥ ɞ ♥ ʙ ♥ ɞ ♥
= ⊠ ↑ ⊕ ^ " ) " Ⅱ 5 ^ ↑ ɞ ш ( " ) ⊠ ⊠ ⊕ ɞ 5 " ᴋ ( ) ш 5 " > ш ш ^ ʙ ш ♥ ( ⊠ ) ᴋ 5 ♥ " = ⊠ = ♥ ♥ ʙ ɞ 5 ᴋ " ♥ ⊕ ⊕ > ɞ ■ ■ ш ʙ ɞ ɞ ■ ɞ ■ > ᴋ ( ♥ ♥ ♥ ♥ ♥ "
ᴋ ♥ ᴋ ) ) ⊕ > ⊕ ■ ʙ ʙ ♥ ш Ⅱ ^ 5 ( Ⅱ ↑ " ⊕ ■ ɞ ■ ♥ ш ↑ Ⅱ ■ ■ ʙ ■ ʙ ʙ ↑ ш ʙ ɞ > ^ ( ш Ⅱ ш 5 Ⅱ ⊠ ♥ ↑ ⊠ ⊕ ⊕ ♥ ɞ ʙ ^ ɞ ♥ ) ɞ ɞ ɞ ɞ 8 ɞ ( ɞ Ⅱ ɞ 8 ɞ ↑ ♥ ᴋ ᴋ (
8 = ) ⊕ ) ⊠ ɞ ⊕ ♥ ( Ⅱ ^ ■ ( ⊠ ⊕ ш > ᴋ > > ʙ ♥ ■ ɞ ) Ⅱ ⊕ ) ⊕ ■ Ⅱ > ш ) = ᴋ ■ > ) ■ ш ♥ ♥ = " ■ = ♥ ^ ↑ ■ ♥ ♥ 5 ) ɞ ɞ ɞ ♥ ɞ ♥ ♥ ■ ♥ ɞ " ( ɞ ɞ ɞ > 5 ʙ ^ ■
ʙ ɞ > ɞ ш ɞ ɞ " ■ Ⅱ " ш 5 ( ( ᴋ ɞ ( > ↑ ( ♥ ^ " ⊕ = = ɞ ɞ ⊕ ↑ 8 ⊕ ↑ ^ ↑ ᴋ ^ > ( ) ♥ ш 8 ( ᴋ ♥ ɞ ^ ( " ш > ɞ ■ ɞ 8 ɞ ♥ ɞ ⊕ 8 " ♥ ) ɞ ɞ ʙ ɞ ᴋ ᴋ ɞ ɞ ♥ 5 ɞ
♥ ♥ ) ʙ 5 Ⅱ ^ ( 5 5 ш ↑ = ⊕ ɞ " 8 " = ⊕ Ⅱ " ) ⊠ " Ⅱ ) ♥ ɞ = ) ) = ■ 5 ⊕ ( ш ↑ ↑ 8 Ⅱ " 8 ↑ ⊠ ᴋ ♥ ) > ш ) ■ ■ ⊠ ш ᴋ ♥ ɞ ♥ ɞ ♥ ʙ ɞ ♥ ⊠ ♥ ^ ɞ ɞ ^ ɞ ♥ ɞ ɞ "
) ( ʙ ♥ ↑ ɞ " ■ " 8 ) ⊕ ш ɞ ɞ " ɞ ) 5 ɞ Ⅱ ⊕ ■ ʙ = ʙ ᴋ ^ " ^ ⊠ ɞ ⊕ Ⅱ ■ ♥ ɞ ) ʙ ɞ > = ↑ ♥ Ⅱ ʙ ( ) ↑ = ■ 8 ш " ♥ ♥ " ɞ ᴋ ■ ɞ ɞ = ɞ ʙ ɞ ш ɞ ɞ 8 ɞ ^ ɞ ♥ ♥ 5
> ⊠ Ⅱ ⊠ ↑ ^ ↑ ⊠ ( > ɞ 5 ш 8 ^ ♥ > ♥ ʙ 8 5 > = = 5 8 ( ) ■ ш = ) ʙ ᴋ ↑ ш ⊕ ) ⊕ ( ( ⊕ " ■ ш ш ♥ Ⅱ 5 ♥ ♥ > 8 = ɞ ⊠ ᴋ ■ ♥ ɞ ɞ Ⅱ ᴋ " ɞ ^ ɞ ш ɞ ♥ ɞ ɞ ш ♥ ɞ ■
Ⅱ > ⊠ Ⅱ ↑ " ɞ ( " 8 ᴋ 8 ɞ ɞ ᴋ 8 8 ♥ ʙ ⊕ ɞ ɞ Ⅱ ( ⊠ ɞ Ⅱ Ⅱ ɞ ⊠ > ʙ 8 ♥ ( 5 ( 8 ш 8 ) ш " Ⅱ ) ш 5 8 ♥ > ᴋ ⊕ Ⅱ ♥ ʙ ɞ ɞ ɞ 5 ■ ɞ ɞ ɞ ↑ 8 ɞ ♥ ɞ ♥ Ⅱ ♥ ♥ ɞ ♥ ɞ ɞ
^ ᴋ = ^ ⊕ ♥ ⊠ ɞ ш ш Ⅱ ᴋ 8 ⊠ ⊕ 5 ⊠ ᴋ > ɞ = 8 ↑ ■ ^ ♥ ↑ ʙ ↑ ⊕ ) ш > 5 ᴋ ᴋ ʙ ᴋ > 8 ↑ ♥ ↑ ʙ = " = 8 5 ^ ♥ ♥ 5 ^ ɞ ( ^ ɞ ɞ = ⊕ ɞ ɞ ɞ " ♥ 8 > ■ ɞ ♥ ♥ ɞ ^ ⊠ (
^ ■ ʙ ) ) ɞ > ( ɞ 5 = ᴋ Ⅱ ) " ⊕ ( ⊠ ⊠ ⊠ ⊕ = 8 ↑ > > 5 ( Ⅱ ( 5 ⊠ ⊠ 5 ш ■ > ᴋ ↑ 5 ɞ ♥ ⊕ " ⊕ 8 Ⅱ ɞ > 5 ᴋ 8 ♥ ♥ > ɞ ɞ ᴋ > 8 ш " ʙ ♥ ↑ ʙ ♥ = ♥ ♥ ♥ 8 ɞ ɞ ɞ ♥
ш ⊕ 5 = ⊕ 5 ʙ ■ ⊕ ш 5 ɞ ʙ 8 ɞ ■ " Ⅱ ⊕ ɞ ʙ ⊠ ш ) 5 > ♥ = ш 5 ᴋ 5 ⊠ ⊕ ɞ ( ↑ = ʙ ( ■ ♥ = ) ■ ↑ ■ ɞ ᴋ 8 ⊠ = 8 ♥ ɞ " ♥ ♥ ш ♥ ♥ ⊕ Ⅱ ♥ ɞ ↑ ♥ ɞ ♥ ɞ ( ɞ ɞ ɞ ♥ ш
5 " Ⅱ ш ) ш ■ > ᴋ ↑ ( " ( > 5 ♥ Ⅱ ᴋ ^ ʙ ɞ ⊕ ■ = ɞ > ↑ 8 5 = > ^ ш ^ ) ʙ > ↑ 8 ( 8 ■ " Ⅱ ш ш ᴋ 8 ♥ ^ ♥ ᴋ ♥ ʙ 5 ) ш ɞ ⊠ ♥ ) ʙ ⊠ ᴋ Ⅱ ɞ ♥ ⊕ ⊕ ш ш ɞ ɞ ♥ ɞ (
♥ 5 8 ♥ ■ ^ ) " ⊠ ♥ 8 ɞ ɞ ^ " ■ ш ( 8 ᴋ 8 = 8 8 ↑ ♥ ) ⊠ ↑ > = ш 5 = ) ■ Ⅱ ʙ ( ( ♥ ♥ ) ш ( 8 ʙ 5 8 > ↑ ♥ ♥ = ɞ ʙ = ɞ ɞ ɞ ɞ ɞ 8 ♥ ♥ ■ ɞ ɞ ʙ ^ ᴋ ɞ ɞ ɞ ♥ 5
■ = 8 ɞ ш Ⅱ " ^ ) > ᴋ 8 5 ) ɞ ( 8 ʙ " ⊕ " ⊕ ⊕ ᴋ ↑ ʙ ш ᴋ ʙ ^ ⊕ " ♥ ) ↑ 5 ■ ^ = ⊕ ( ^ Ⅱ ⊕ ♥ ᴋ ʙ ) Ⅱ ⊠ ♥ ʙ ) ʙ ♥ ᴋ ɞ ɞ ɞ ) ↑ ɞ ɞ ♥ ш ( ⊠ ) ■ ⊠ ɞ = 5 ♥ ɞ ■
8 ⊕ 8 ↑ ♥ ᴋ Ⅱ ♥ Ⅱ " ᴋ ɞ ʙ ᴋ 8 ʙ ■ ⊠ ɞ ↑ 8 " ш 5 ⊕ ʙ = ʙ = ) Ⅱ 5 ʙ ↑ ■ ɞ ■ ( ↑ ш ■ ♥ ) ♥ ( ♥ ᴋ ш ( ⊠ ( ( ^ = ɞ ) > 8 ⊠ ♥ ɞ ɞ ^ ɞ ʙ ♥ ♥ ♥ ш ♥ = ♥ Ⅱ ■ ^ ɞ
(9)	(10)
